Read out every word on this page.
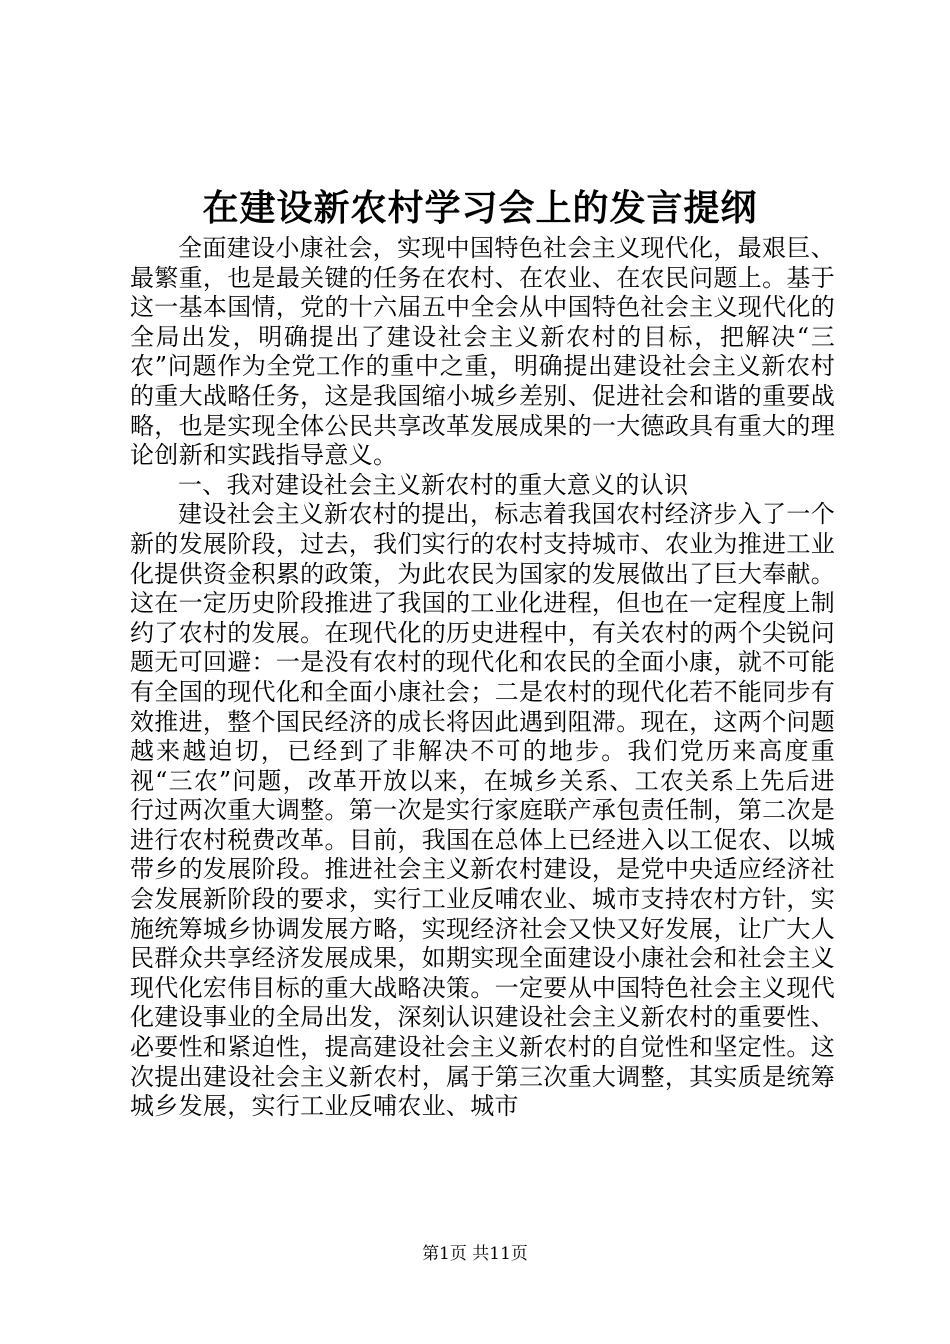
在建设新农村学习会上的发言提纲

全面建设小康社会，实现中国特色社会主义现代化，最艰巨、最繁重，也是最关键的任务在农村、在农业、在农民问题上。基于这一基本国情，党的十六届五中全会从中国特色社会主义现代化的全局出发，明确提出了建设社会主义新农村的目标，把解决“三农”问题作为全党工作的重中之重，明确提出建设社会主义新农村的重大战略任务，这是我国缩小城乡差别、促进社会和谐的重要战略，也是实现全体公民共享改革发展成果的一大德政具有重大的理论创新和实践指导意义。

一、我对建设社会主义新农村的重大意义的认识

建设社会主义新农村的提出，标志着我国农村经济步入了一个新的发展阶段，过去，我们实行的农村支持城市、农业为推进工业化提供资金积累的政策，为此农民为国家的发展做出了巨大奉献。这在一定历史阶段推进了我国的工业化进程，但也在一定程度上制约了农村的发展。在现代化的历史进程中，有关农村的两个尖锐问题无可回避：一是没有农村的现代化和农民的全面小康，就不可能有全国的现代化和全面小康社会；二是农村的现代化若不能同步有效推进，整个国民经济的成长将因此遇到阻滞。现在，这两个问题越来越迫切，已经到了非解决不可的地步。我们党历来高度重视“三农”问题，改革开放以来，在城乡关系、工农关系上先后进行过两次重大调整。第一次是实行家庭联产承包责任制，第二次是进行农村税费改革。目前，我国在总体上已经进入以工促农、以城带乡的发展阶段。推进社会主义新农村建设，是党中央适应经济社会发展新阶段的要求，实行工业反哺农业、城市支持农村方针，实施统筹城乡协调发展方略，实现经济社会又快又好发展，让广大人民群众共享经济发展成果，如期实现全面建设小康社会和社会主义现代化宏伟目标的重大战略决策。一定要从中国特色社会主义现代化建设事业的全局出发，深刻认识建设社会主义新农村的重要性、必要性和紧迫性，提高建设社会主义新农村的自觉性和坚定性。这次提出建设社会主义新农村，属于第三次重大调整，其实质是统筹城乡发展，实行工业反哺农业、城市

第1页 共11页
